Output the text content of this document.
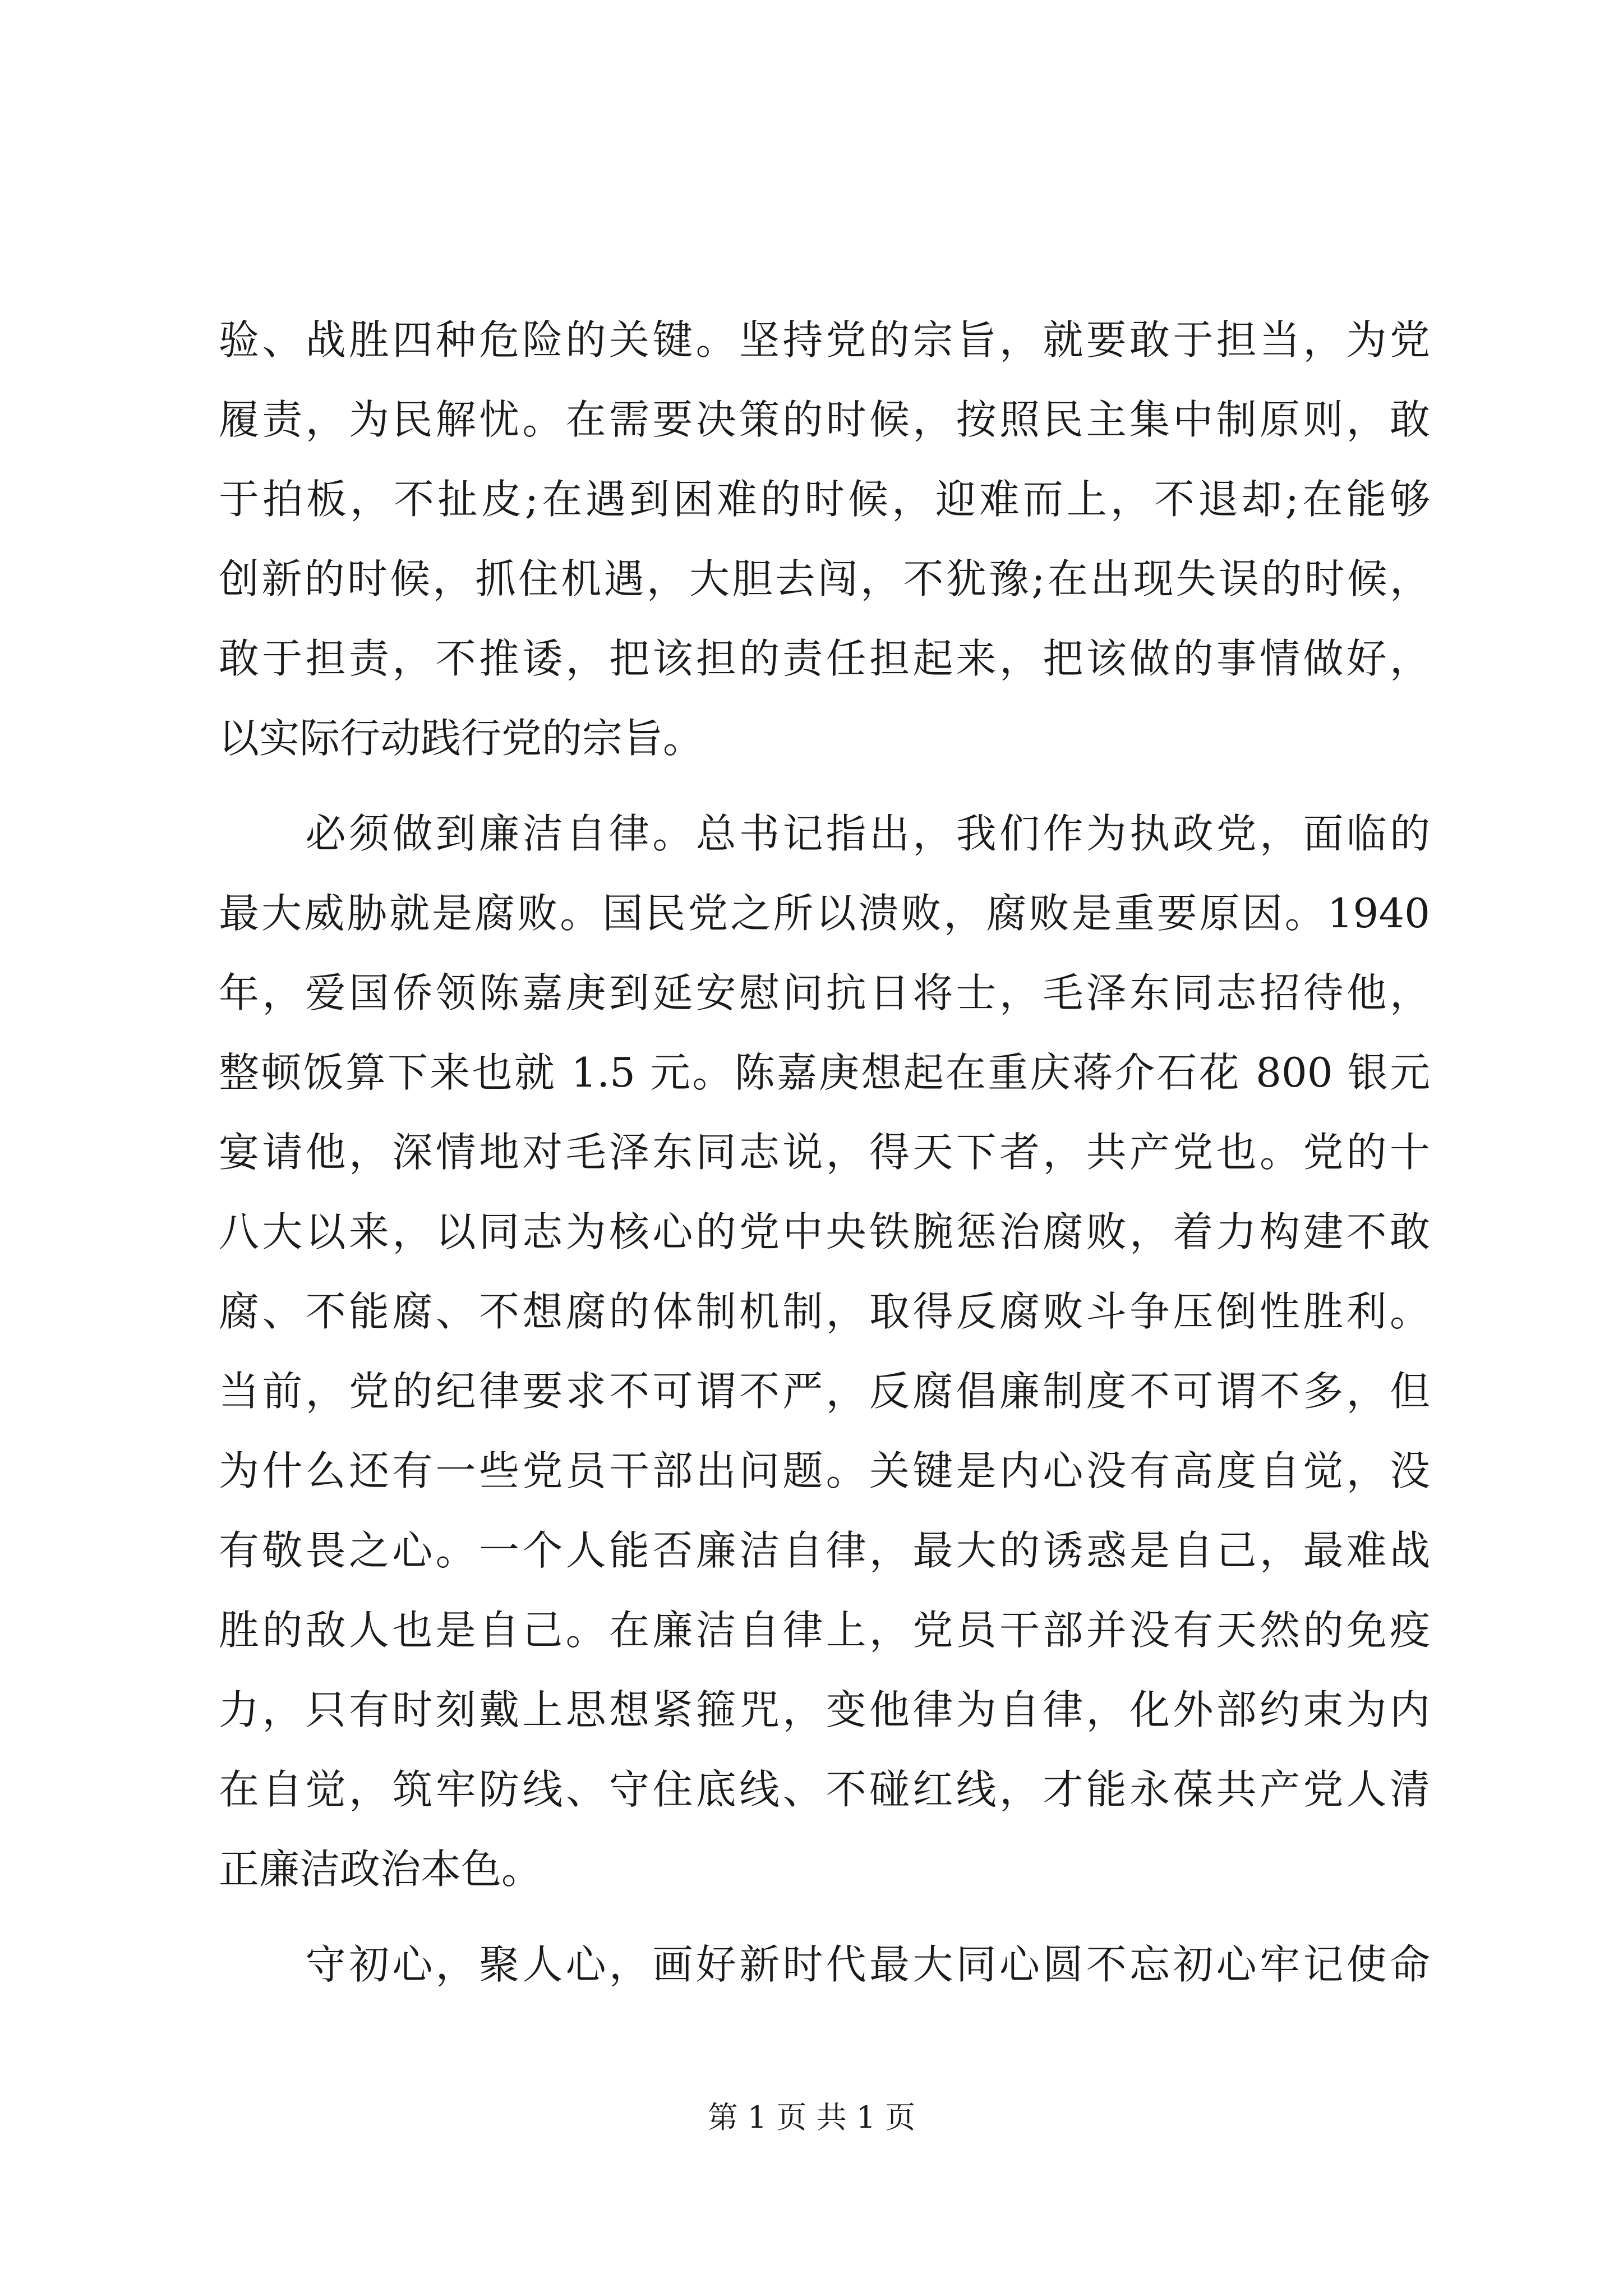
验、战胜四种危险的关键。坚持党的宗旨，就要敢于担当，为党
履责，为民解忧。在需要决策的时候，按照民主集中制原则，敢
于拍板，不扯皮;在遇到困难的时候，迎难而上，不退却;在能够
创新的时候，抓住机遇，大胆去闯，不犹豫;在出现失误的时候，
敢于担责，不推诿，把该担的责任担起来，把该做的事情做好，
以实际行动践行党的宗旨。
　　必须做到廉洁自律。总书记指出，我们作为执政党，面临的
最大威胁就是腐败。国民党之所以溃败，腐败是重要原因。1940
年，爱国侨领陈嘉庚到延安慰问抗日将士，毛泽东同志招待他，
整顿饭算下来也就 1.5 元。陈嘉庚想起在重庆蒋介石花 800 银元
宴请他，深情地对毛泽东同志说，得天下者，共产党也。党的十
八大以来，以同志为核心的党中央铁腕惩治腐败，着力构建不敢
腐、不能腐、不想腐的体制机制，取得反腐败斗争压倒性胜利。
当前，党的纪律要求不可谓不严，反腐倡廉制度不可谓不多，但
为什么还有一些党员干部出问题。关键是内心没有高度自觉，没
有敬畏之心。一个人能否廉洁自律，最大的诱惑是自己，最难战
胜的敌人也是自己。在廉洁自律上，党员干部并没有天然的免疫
力，只有时刻戴上思想紧箍咒，变他律为自律，化外部约束为内
在自觉，筑牢防线、守住底线、不碰红线，才能永葆共产党人清
正廉洁政治本色。
　　守初心，聚人心，画好新时代最大同心圆不忘初心牢记使命
第 1 页 共 1 页
